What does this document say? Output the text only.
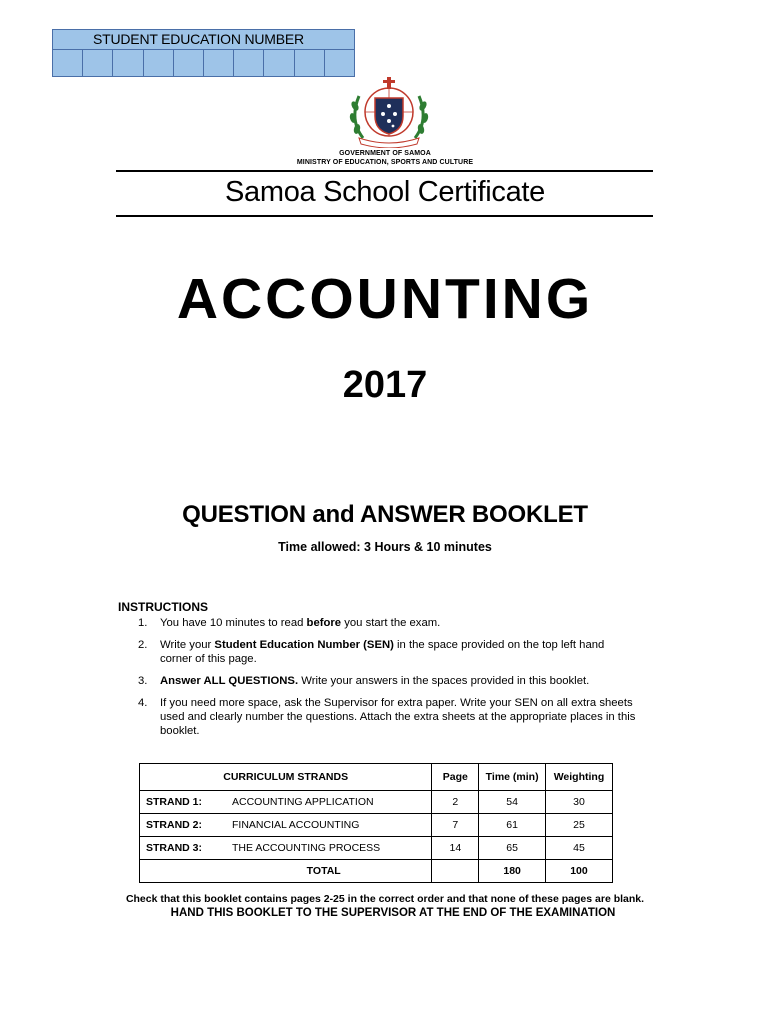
STUDENT EDUCATION NUMBER
GOVERNMENT OF SAMOA
MINISTRY OF EDUCATION, SPORTS AND CULTURE
Samoa School Certificate
ACCOUNTING
2017
QUESTION and ANSWER BOOKLET
Time allowed: 3 Hours & 10 minutes
INSTRUCTIONS
1.	You have 10 minutes to read before you start the exam.
2.	Write your Student Education Number (SEN) in the space provided on the top left hand corner of this page.
3.	Answer ALL QUESTIONS. Write your answers in the spaces provided in this booklet.
4.	If you need more space, ask the Supervisor for extra paper. Write your SEN on all extra sheets used and clearly number the questions. Attach the extra sheets at the appropriate places in this booklet.
CURRICULUM STRANDS	Page	Time (min)	Weighting

STRAND 1: ACCOUNTING APPLICATION	2	54	30

STRAND 2: FINANCIAL ACCOUNTING	7	61	25

STRAND 3: THE ACCOUNTING PROCESS	14	65	45
TOTAL		180	100
Check that this booklet contains pages 2-25 in the correct order and that none of these pages are blank.
HAND THIS BOOKLET TO THE SUPERVISOR AT THE END OF THE EXAMINATION
